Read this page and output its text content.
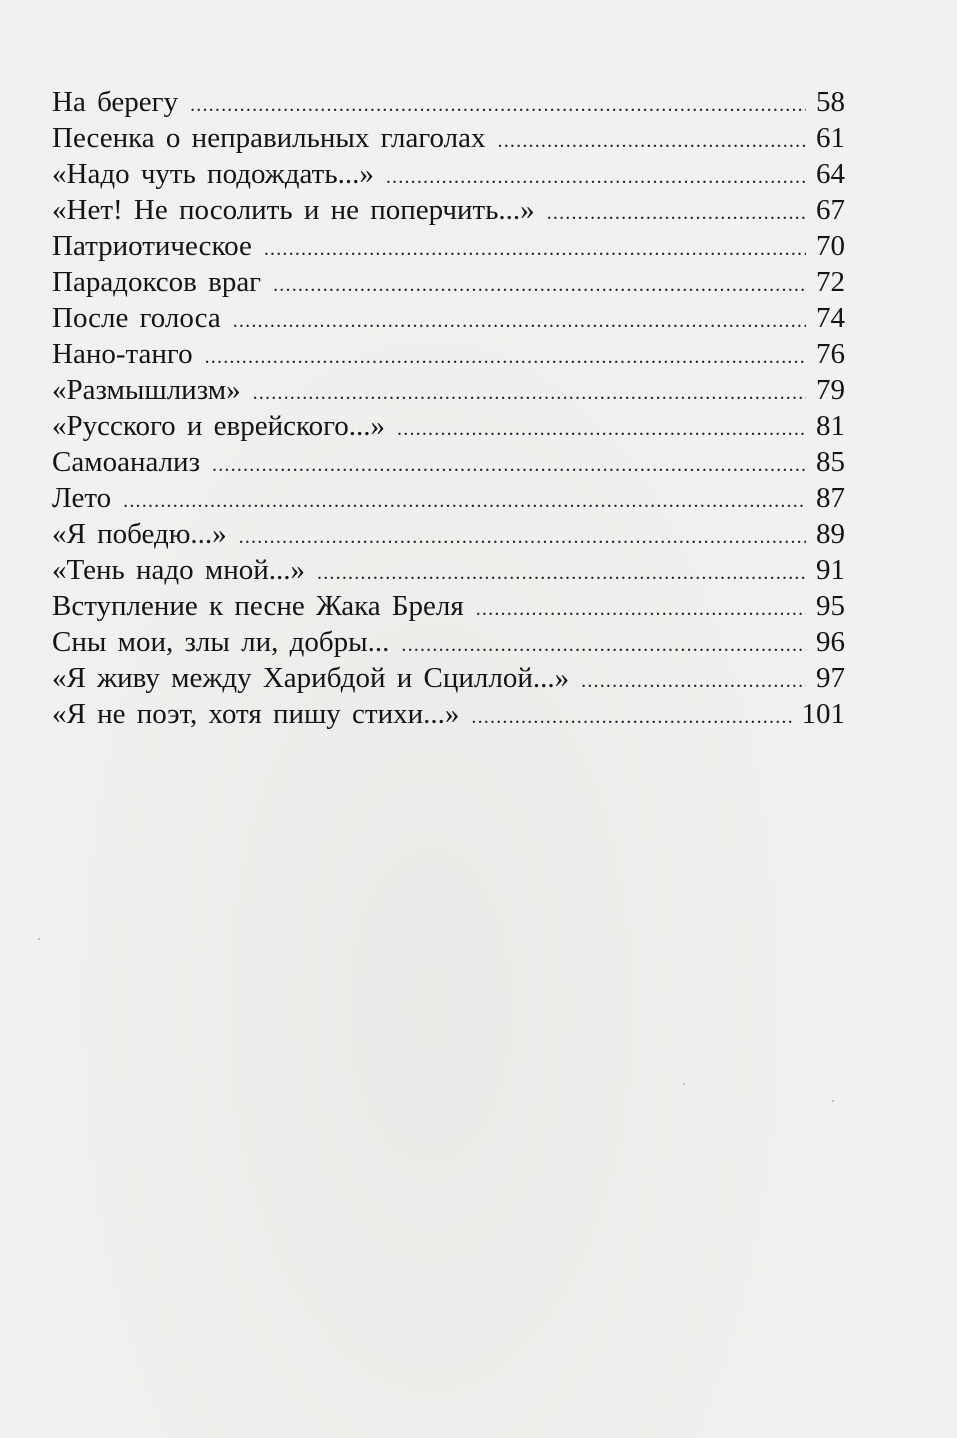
На берегу .....	58
Песенка о неправильных глаголах .....	61
«Надо чуть подождать...» .....	64
«Нет! Не посолить и не поперчить...» .....	67
Патриотическое .....	70
Парадоксов враг .....	72
После голоса .....	74
Нано-танго .....	76
«Размышлизм» .....	79
«Русского и еврейского...» .....	81
Самоанализ .....	85
Лето .....	87
«Я победю...» .....	89
«Тень надо мной...» .....	91
Вступление к песне Жака Бреля .....	95
Сны мои, злы ли, добры... .....	96
«Я живу между Харибдой и Сциллой...» .....	97
«Я не поэт, хотя пишу стихи...» .....	101
